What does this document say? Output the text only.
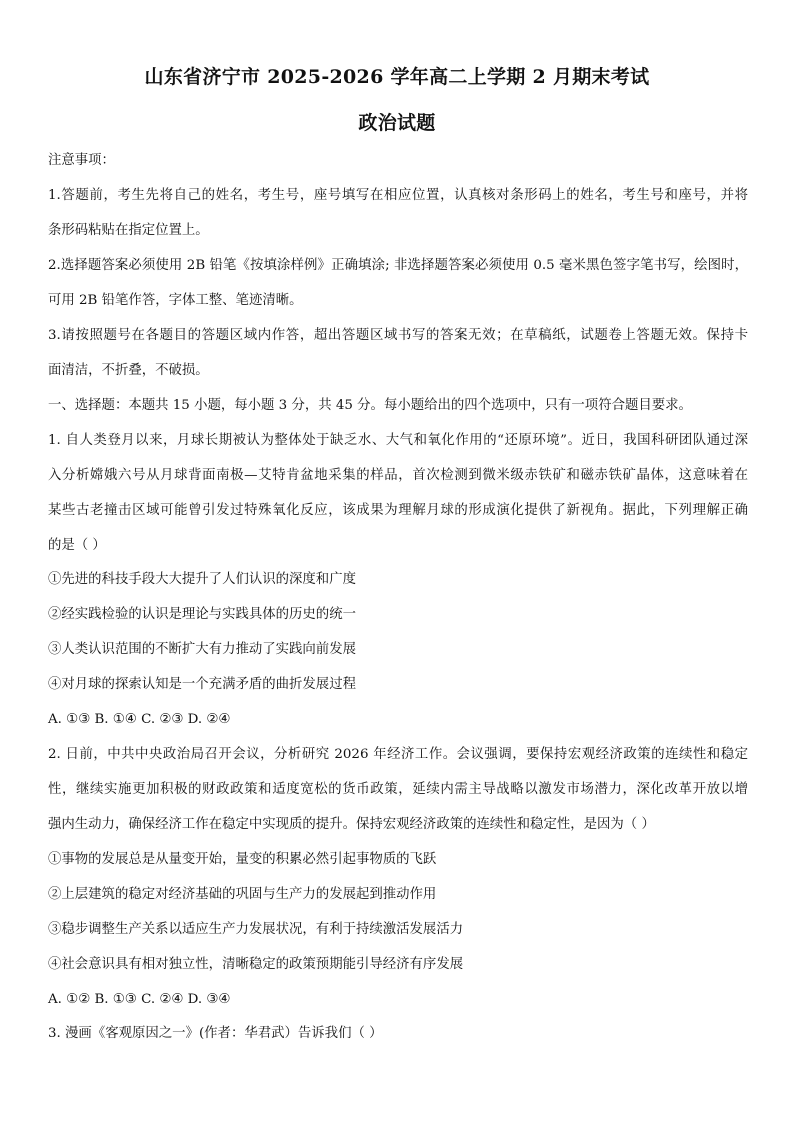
山东省济宁市 2025-2026 学年高二上学期 2 月期末考试
政治试题
注意事项：
1.答题前，考生先将自己的姓名，考生号，座号填写在相应位置，认真核对条形码上的姓名，考生号和座号，并将
条形码粘贴在指定位置上。
2.选择题答案必须使用 2B 铅笔《按填涂样例》正确填涂; 非选择题答案必须使用 0.5 毫米黑色签字笔书写，绘图时，
可用 2B 铅笔作答，字体工整、笔迹清晰。
3.请按照题号在各题目的答题区域内作答，超出答题区域书写的答案无效；在草稿纸，试题卷上答题无效。保持卡
面清洁，不折叠，不破损。
一、选择题：本题共 15 小题，每小题 3 分，共 45 分。每小题给出的四个选项中，只有一项符合题目要求。
1. 自人类登月以来，月球长期被认为整体处于缺乏水、大气和氧化作用的“还原环境”。近日，我国科研团队通过深
入分析嫦娥六号从月球背面南极—艾特肯盆地采集的样品，首次检测到微米级赤铁矿和磁赤铁矿晶体，这意味着在
某些古老撞击区域可能曾引发过特殊氧化反应，该成果为理解月球的形成演化提供了新视角。据此，下列理解正确
的是（ ）
①先进的科技手段大大提升了人们认识的深度和广度
②经实践检验的认识是理论与实践具体的历史的统一
③人类认识范围的不断扩大有力推动了实践向前发展
④对月球的探索认知是一个充满矛盾的曲折发展过程
A. ①③ B. ①④ C. ②③ D. ②④
2. 日前，中共中央政治局召开会议，分析研究 2026 年经济工作。会议强调，要保持宏观经济政策的连续性和稳定
性，继续实施更加积极的财政政策和适度宽松的货币政策，延续内需主导战略以激发市场潜力，深化改革开放以增
强内生动力，确保经济工作在稳定中实现质的提升。保持宏观经济政策的连续性和稳定性，是因为（ ）
①事物的发展总是从量变开始，量变的积累必然引起事物质的飞跃
②上层建筑的稳定对经济基础的巩固与生产力的发展起到推动作用
③稳步调整生产关系以适应生产力发展状况，有利于持续激活发展活力
④社会意识具有相对独立性，清晰稳定的政策预期能引导经济有序发展
A. ①② B. ①③ C. ②④ D. ③④
3. 漫画《客观原因之一》(作者：华君武）告诉我们（ ）
